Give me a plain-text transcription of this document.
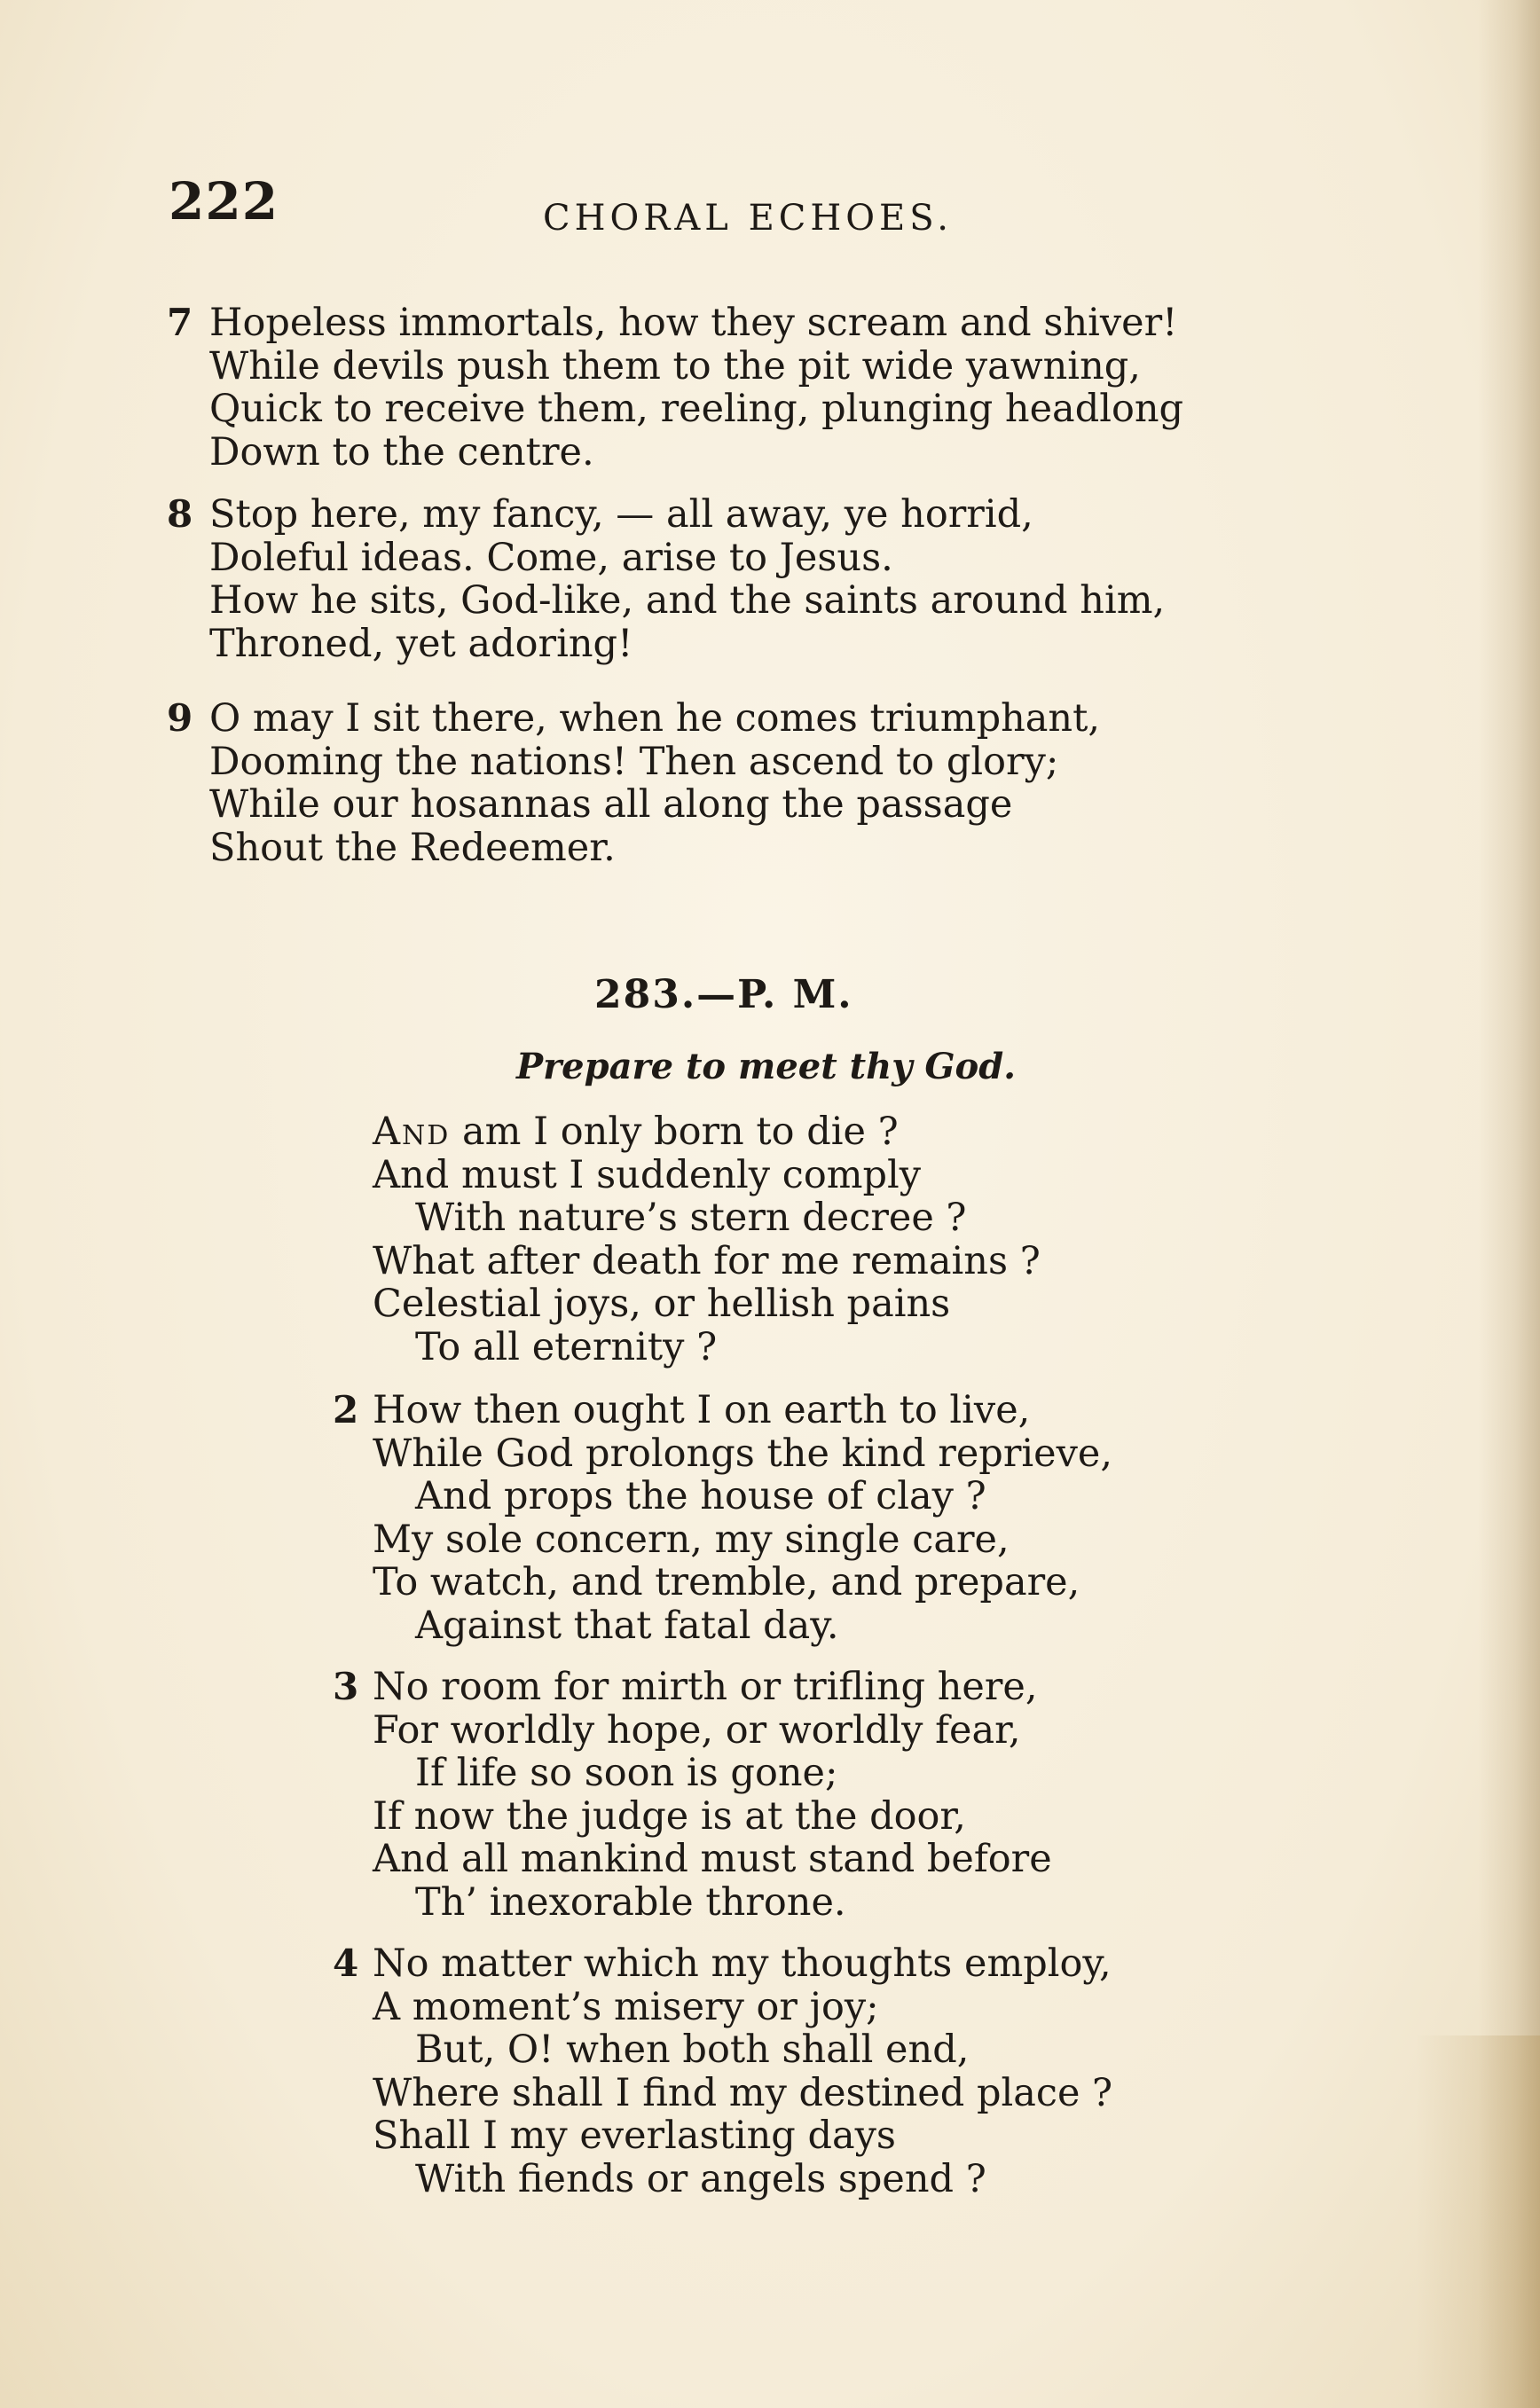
222	CHORAL ECHOES.
7 Hopeless immortals, how they scream and shiver!
While devils push them to the pit wide yawning,
Quick to receive them, reeling, plunging headlong
Down to the centre.
8 Stop here, my fancy, — all away, ye horrid,
Doleful ideas. Come, arise to Jesus.
How he sits, God-like, and the saints around him,
Throned, yet adoring!
9 O may I sit there, when he comes triumphant,
Dooming the nations! Then ascend to glory;
While our hosannas all along the passage
Shout the Redeemer.
283.—P. M.
Prepare to meet thy God.
And am I only born to die ?
And must I suddenly comply
With nature’s stern decree ?
What after death for me remains ?
Celestial joys, or hellish pains
To all eternity ?
2 How then ought I on earth to live,
While God prolongs the kind reprieve,
And props the house of clay ?
My sole concern, my single care,
To watch, and tremble, and prepare,
Against that fatal day.
3 No room for mirth or trifling here,
For worldly hope, or worldly fear,
If life so soon is gone;
If now the judge is at the door,
And all mankind must stand before
Th’ inexorable throne.
4 No matter which my thoughts employ,
A moment’s misery or joy;
But, O! when both shall end,
Where shall I find my destined place ?
Shall I my everlasting days
With fiends or angels spend ?
